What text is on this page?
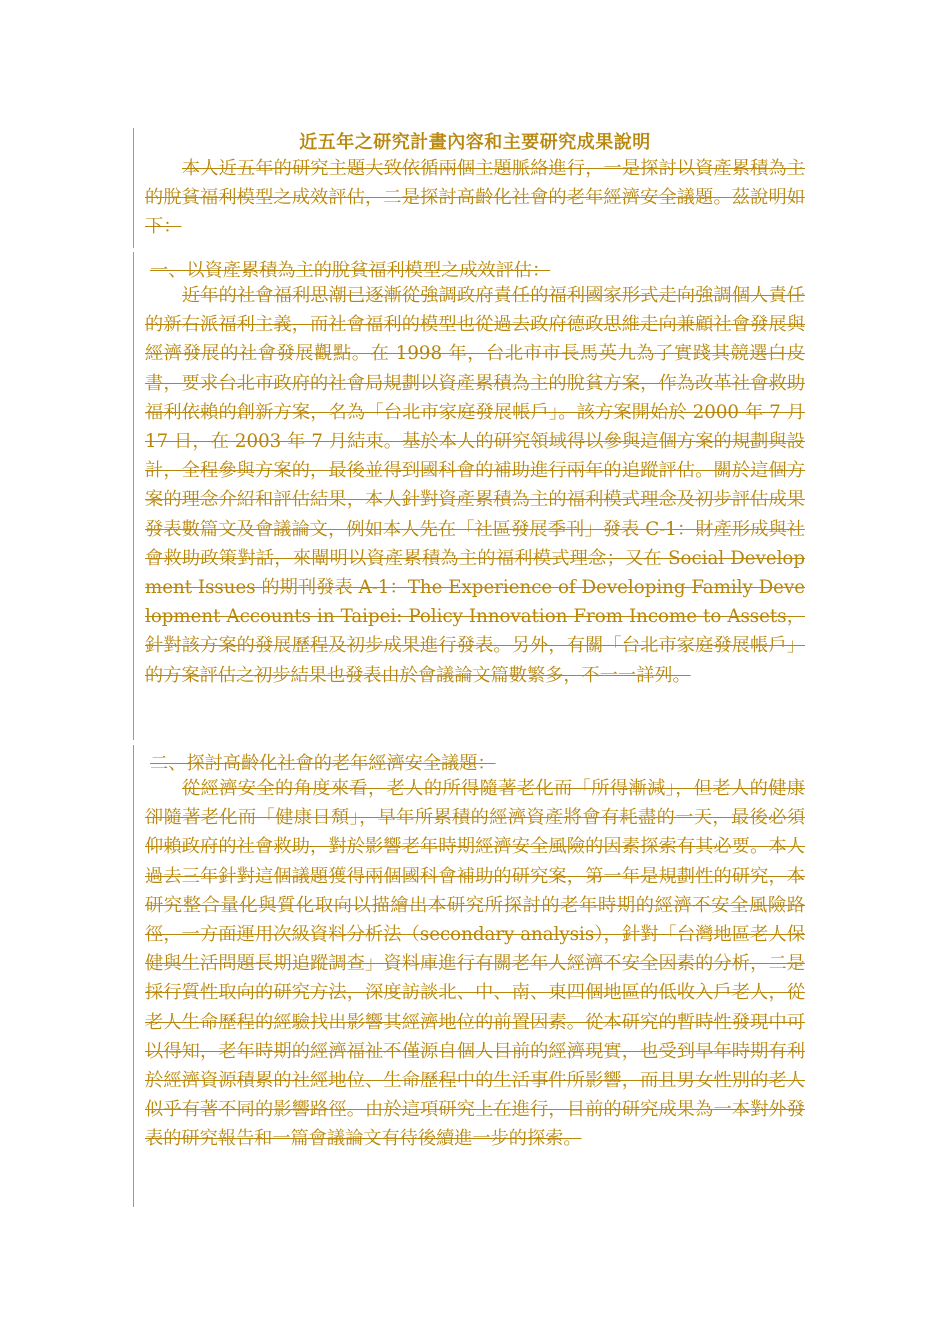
近五年之研究計畫內容和主要研究成果說明

本人近五年的研究主題大致依循兩個主題脈絡進行，一是探討以資產累積為主的脫貧福利模型之成效評估，二是探討高齡化社會的老年經濟安全議題。茲說明如下：

一、以資產累積為主的脫貧福利模型之成效評估：

近年的社會福利思潮已逐漸從強調政府責任的福利國家形式走向強調個人責任的新右派福利主義，而社會福利的模型也從過去政府德政思維走向兼顧社會發展與經濟發展的社會發展觀點。在 1998 年，台北市市長馬英九為了實踐其競選白皮書，要求台北市政府的社會局規劃以資產累積為主的脫貧方案，作為改革社會救助福利依賴的創新方案，名為「台北市家庭發展帳戶」。該方案開始於 2000 年 7 月 17 日，在 2003 年 7 月結束。基於本人的研究領域得以參與這個方案的規劃與設計，全程參與方案的，最後並得到國科會的補助進行兩年的追蹤評估。關於這個方案的理念介紹和評估結果，本人針對資產累積為主的福利模式理念及初步評估成果發表數篇文及會議論文，例如本人先在「社區發展季刊」發表 C-1：財產形成與社會救助政策對話，來闡明以資產累積為主的福利模式理念；又在 Social Development Issues 的期刊發表 A-1：The Experience of Developing Family Development Accounts in Taipei: Policy Innovation From Income to Assets，針對該方案的發展歷程及初步成果進行發表。另外，有關「台北市家庭發展帳戶」的方案評估之初步結果也發表由於會議論文篇數繁多，不一一詳列。

二、探討高齡化社會的老年經濟安全議題：

從經濟安全的角度來看，老人的所得隨著老化而「所得漸減」，但老人的健康卻隨著老化而「健康日頹」，早年所累積的經濟資產將會有耗盡的一天，最後必須仰賴政府的社會救助，對於影響老年時期經濟安全風險的因素探索有其必要。本人過去三年針對這個議題獲得兩個國科會補助的研究案，第一年是規劃性的研究，本研究整合量化與質化取向以描繪出本研究所探討的老年時期的經濟不安全風險路徑，一方面運用次級資料分析法（secondary analysis），針對「台灣地區老人保健與生活問題長期追蹤調查」資料庫進行有關老年人經濟不安全因素的分析，二是採行質性取向的研究方法，深度訪談北、中、南、東四個地區的低收入戶老人，從老人生命歷程的經驗找出影響其經濟地位的前置因素。從本研究的暫時性發現中可以得知，老年時期的經濟福祉不僅源自個人目前的經濟現實，也受到早年時期有利於經濟資源積累的社經地位、生命歷程中的生活事件所影響，而且男女性別的老人似乎有著不同的影響路徑。由於這項研究上在進行，目前的研究成果為一本對外發表的研究報告和一篇會議論文有待後續進一步的探索。
